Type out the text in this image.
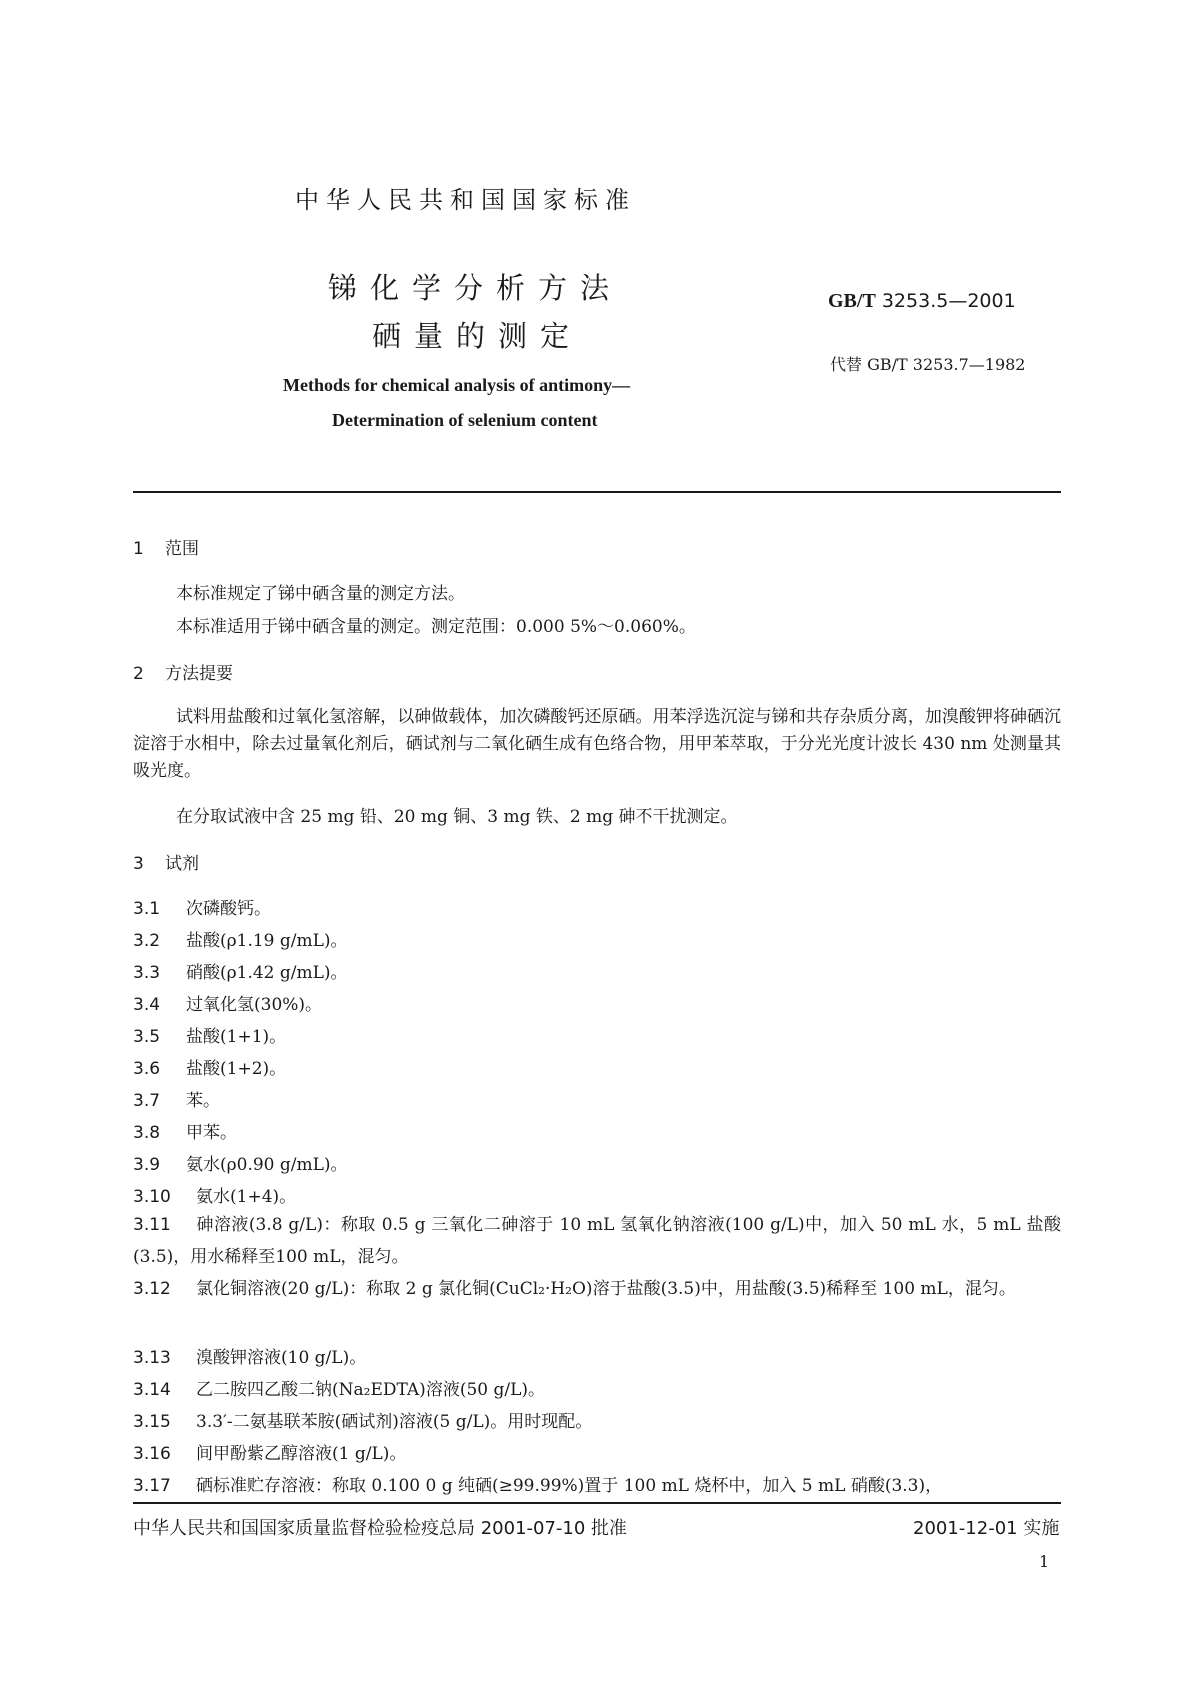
中华人民共和国国家标准
锑化学分析方法
硒量的测定
GB/T 3253.5—2001
代替 GB/T 3253.7—1982
Methods for chemical analysis of antimony—
Determination of selenium content
1 范围
本标准规定了锑中硒含量的测定方法。
本标准适用于锑中硒含量的测定。测定范围：0.000 5%～0.060%。
2 方法提要
试料用盐酸和过氧化氢溶解，以砷做载体，加次磷酸钙还原硒。用苯浮选沉淀与锑和共存杂质分离，加溴酸钾将砷硒沉淀溶于水相中，除去过量氧化剂后，硒试剂与二氧化硒生成有色络合物，用甲苯萃取，于分光光度计波长 430 nm 处测量其吸光度。
在分取试液中含 25 mg 铅、20 mg 铜、3 mg 铁、2 mg 砷不干扰测定。
3 试剂
3.1 次磷酸钙。
3.2 盐酸(ρ1.19 g/mL)。
3.3 硝酸(ρ1.42 g/mL)。
3.4 过氧化氢(30%)。
3.5 盐酸(1+1)。
3.6 盐酸(1+2)。
3.7 苯。
3.8 甲苯。
3.9 氨水(ρ0.90 g/mL)。
3.10 氨水(1+4)。
3.11 砷溶液(3.8 g/L)：称取 0.5 g 三氧化二砷溶于 10 mL 氢氧化钠溶液(100 g/L)中，加入 50 mL 水，5 mL 盐酸(3.5)，用水稀释至100 mL，混匀。
3.12 氯化铜溶液(20 g/L)：称取 2 g 氯化铜(CuCl₂·H₂O)溶于盐酸(3.5)中，用盐酸(3.5)稀释至 100 mL，混匀。
3.13 溴酸钾溶液(10 g/L)。
3.14 乙二胺四乙酸二钠(Na₂EDTA)溶液(50 g/L)。
3.15 3.3′-二氨基联苯胺(硒试剂)溶液(5 g/L)。用时现配。
3.16 间甲酚紫乙醇溶液(1 g/L)。
3.17 硒标准贮存溶液：称取 0.100 0 g 纯硒(≥99.99%)置于 100 mL 烧杯中，加入 5 mL 硝酸(3.3)，
中华人民共和国国家质量监督检验检疫总局 2001-07-10 批准	2001-12-01 实施
1
